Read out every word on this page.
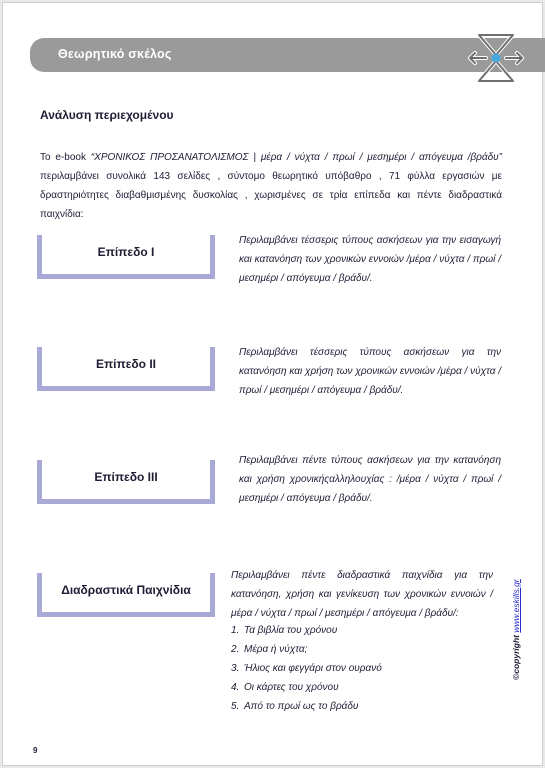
Θεωρητικό σκέλος
Ανάλυση περιεχομένου
Το e-book “ΧΡΟΝΙΚΟΣ ΠΡΟΣΑΝΑΤΟΛΙΣΜΟΣ | μέρα / νύχτα / πρωί / μεσημέρι / απόγευμα /βράδυ” περιλαμβάνει συνολικά 143 σελίδες , σύντομο θεωρητικό υπόβαθρο , 71 φύλλα εργασιών με δραστηριότητες διαβαθμισμένης δυσκολίας , χωρισμένες σε τρία επίπεδα και πέντε διαδραστικά παιχνίδια:
Επίπεδο Ι
Περιλαμβάνει τέσσερις τύπους ασκήσεων για την εισαγωγή και κατανόηση των χρονικών εννοιών /μέρα / νύχτα / πρωί / μεσημέρι / απόγευμα / βράδυ/.
Επίπεδο ΙΙ
Περιλαμβάνει τέσσερις τύπους ασκήσεων για την κατανόηση και χρήση των χρονικών εννοιών /μέρα / νύχτα / πρωί / μεσημέρι / απόγευμα / βράδυ/.
Επίπεδο ΙΙΙ
Περιλαμβάνει πέντε τύπους ασκήσεων για την κατανόηση και χρήση χρονικήςαλληλουχίας : /μέρα / νύχτα / πρωί / μεσημέρι / απόγευμα / βράδυ/.
Διαδραστικά Παιχνίδια
Περιλαμβάνει πέντε διαδραστικά παιχνίδια για την κατανόηση, χρήση και γενίκευση των χρονικών εννοιών /μέρα / νύχτα / πρωί / μεσημέρι / απόγευμα / βράδυ/:
1. Τα βιβλία του χρόνου
2. Μέρα ή νύχτα;
3. Ήλιος και φεγγάρι στον ουρανό
4. Οι κάρτες του χρόνου
5. Από το πρωί ως το βράδυ
©copyright www.eskills.gr
9
